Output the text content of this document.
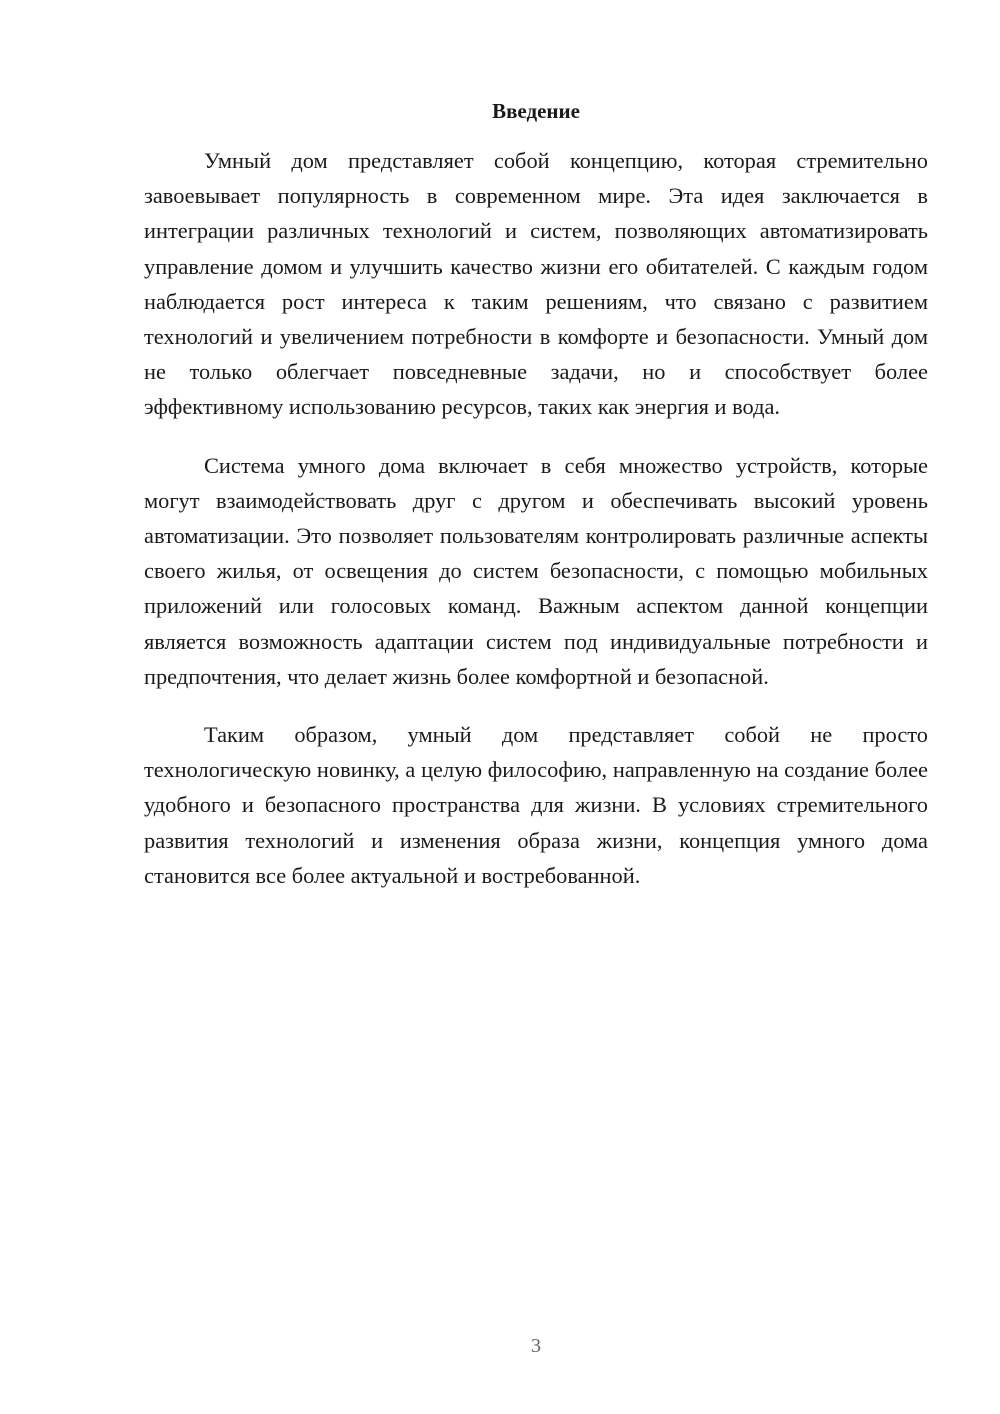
Введение

Умный дом представляет собой концепцию, которая стремительно завоевывает популярность в современном мире. Эта идея заключается в интеграции различных технологий и систем, позволяющих автоматизировать управление домом и улучшить качество жизни его обитателей. С каждым годом наблюдается рост интереса к таким решениям, что связано с развитием технологий и увеличением потребности в комфорте и безопасности. Умный дом не только облегчает повседневные задачи, но и способствует более эффективному использованию ресурсов, таких как энергия и вода.

Система умного дома включает в себя множество устройств, которые могут взаимодействовать друг с другом и обеспечивать высокий уровень автоматизации. Это позволяет пользователям контролировать различные аспекты своего жилья, от освещения до систем безопасности, с помощью мобильных приложений или голосовых команд. Важным аспектом данной концепции является возможность адаптации систем под индивидуальные потребности и предпочтения, что делает жизнь более комфортной и безопасной.

Таким образом, умный дом представляет собой не просто технологическую новинку, а целую философию, направленную на создание более удобного и безопасного пространства для жизни. В условиях стремительного развития технологий и изменения образа жизни, концепция умного дома становится все более актуальной и востребованной.

3
